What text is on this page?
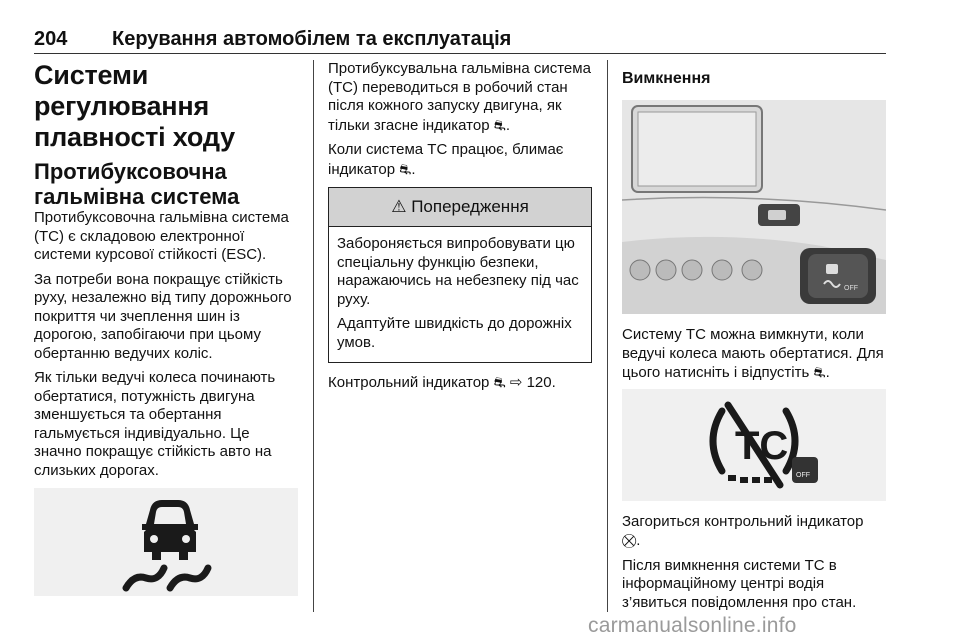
204 Керування автомобілем та експлуатація
Системи регулювання плавності ходу
Протибуксовочна гальмівна система

Протибуксовочна гальмівна система (TC) є складовою електронної системи курсової стійкості (ESC).

За потреби вона покращує стійкість руху, незалежно від типу дорожнього покриття чи зчеплення шин із дорогою, запобігаючи при цьому обертанню ведучих коліс.

Як тільки ведучі колеса починають обертатися, потужність двигуна зменшується та обертання гальмується індивідуально. Це значно покращує стійкість авто на слизьких дорогах.

Протибуксувальна гальмівна система (TC) переводиться в робочий стан після кожного запуску двигуна, як тільки згасне індикатор ⛐.

Коли система TC працює, блимає індикатор ⛐.

⚠ Попередження

Забороняється випробовувати цю спеціальну функцію безпеки, наражаючись на небезпеку під час руху.

Адаптуйте швидкість до дорожніх умов.

Контрольний індикатор ⛐ ⇨ 120.

Вимкнення
OFF

Систему TC можна вимкнути, коли ведучі колеса мають обертатися. Для цього натисніть і відпустіть ⛐.

TC
OFF

Загориться контрольний індикатор ⛒.

Після вимкнення системи TC в інформаційному центрі водія з’явиться повідомлення про стан.

carmanualsonline.info
